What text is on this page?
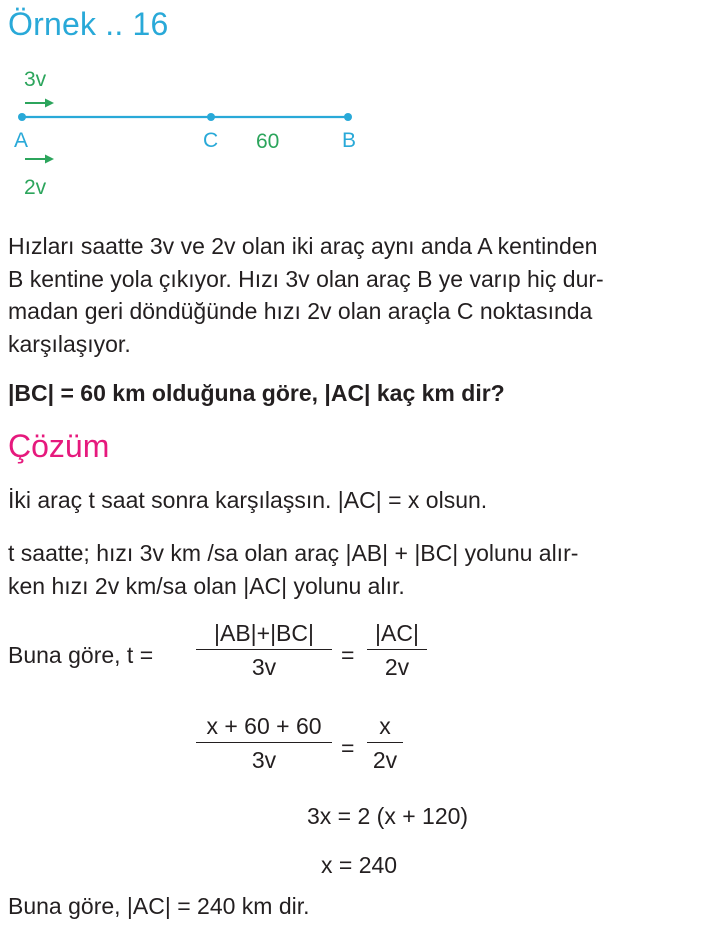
Örnek .. 16
3v
A	C 60	B
2v
Hızları saatte 3v ve 2v olan iki araç aynı anda A kentinden
B kentine yola çıkıyor. Hızı 3v olan araç B ye varıp hiç dur-
madan geri döndüğünde hızı 2v olan araçla C noktasında
karşılaşıyor.
|BC| = 60 km olduğuna göre, |AC| kaç km dir?
Çözüm
İki araç t saat sonra karşılaşsın. |AC| = x olsun.
t saatte; hızı 3v km /sa olan araç |AB| + |BC| yolunu alır-
ken hızı 2v km/sa olan |AC| yolunu alır.
Buna göre, t =
|AB|+|BC|
3v	=
|AC|
2v
x + 60 + 60
3v	=
x
2v
3x = 2 (x + 120)
x = 240
Buna göre, |AC| = 240 km dir.
